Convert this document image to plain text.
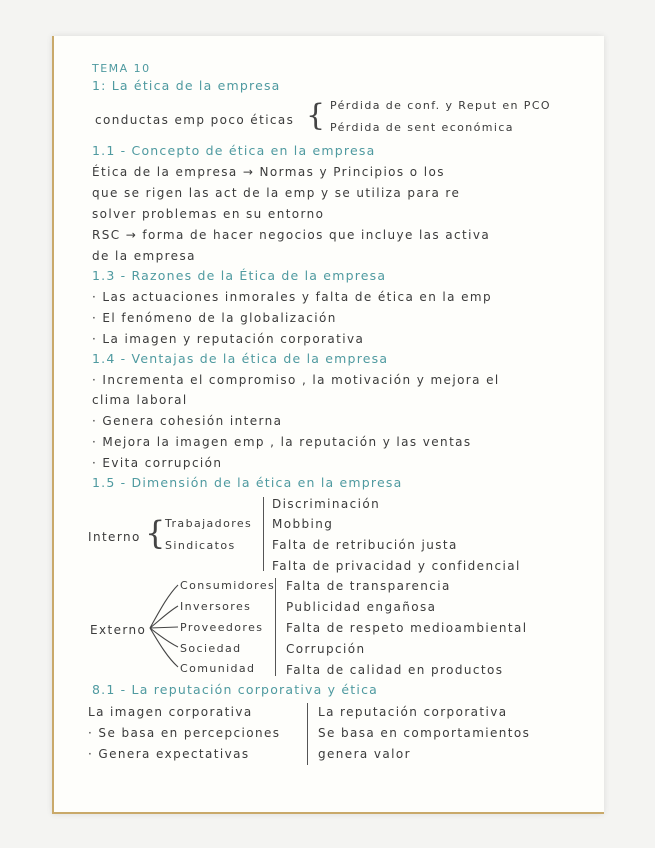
TEMA 10
1: La ética de la empresa
conductas emp poco éticas { Pérdida de conf. y Reput en PCO
Pérdida de sent económica
1.1 - Concepto de ética en la empresa
Ética de la empresa → Normas y Principios o los
que se rigen las act de la emp y se utiliza para re
solver problemas en su entorno
RSC → forma de hacer negocios que incluye las activa
de la empresa
1.3 - Razones de la Ética de la empresa
· Las actuaciones inmorales y falta de ética en la emp
· El fenómeno de la globalización
· La imagen y reputación corporativa
1.4 - Ventajas de la ética de la empresa
· Incrementa el compromiso , la motivación y mejora el
clima laboral
· Genera cohesión interna
· Mejora la imagen emp , la reputación y las ventas
· Evita corrupción
1.5 - Dimensión de la ética en la empresa
Interno { Trabajadores
Sindicatos
Discriminación
Mobbing
Falta de retribución justa
Falta de privacidad y confidencial
Externo
Consumidores
Inversores
Proveedores
Sociedad
Comunidad
Falta de transparencia
Publicidad engañosa
Falta de respeto medioambiental
Corrupción
Falta de calidad en productos
8.1 - La reputación corporativa y ética
La imagen corporativa
· Se basa en percepciones
· Genera expectativas
La reputación corporativa
Se basa en comportamientos
genera valor
